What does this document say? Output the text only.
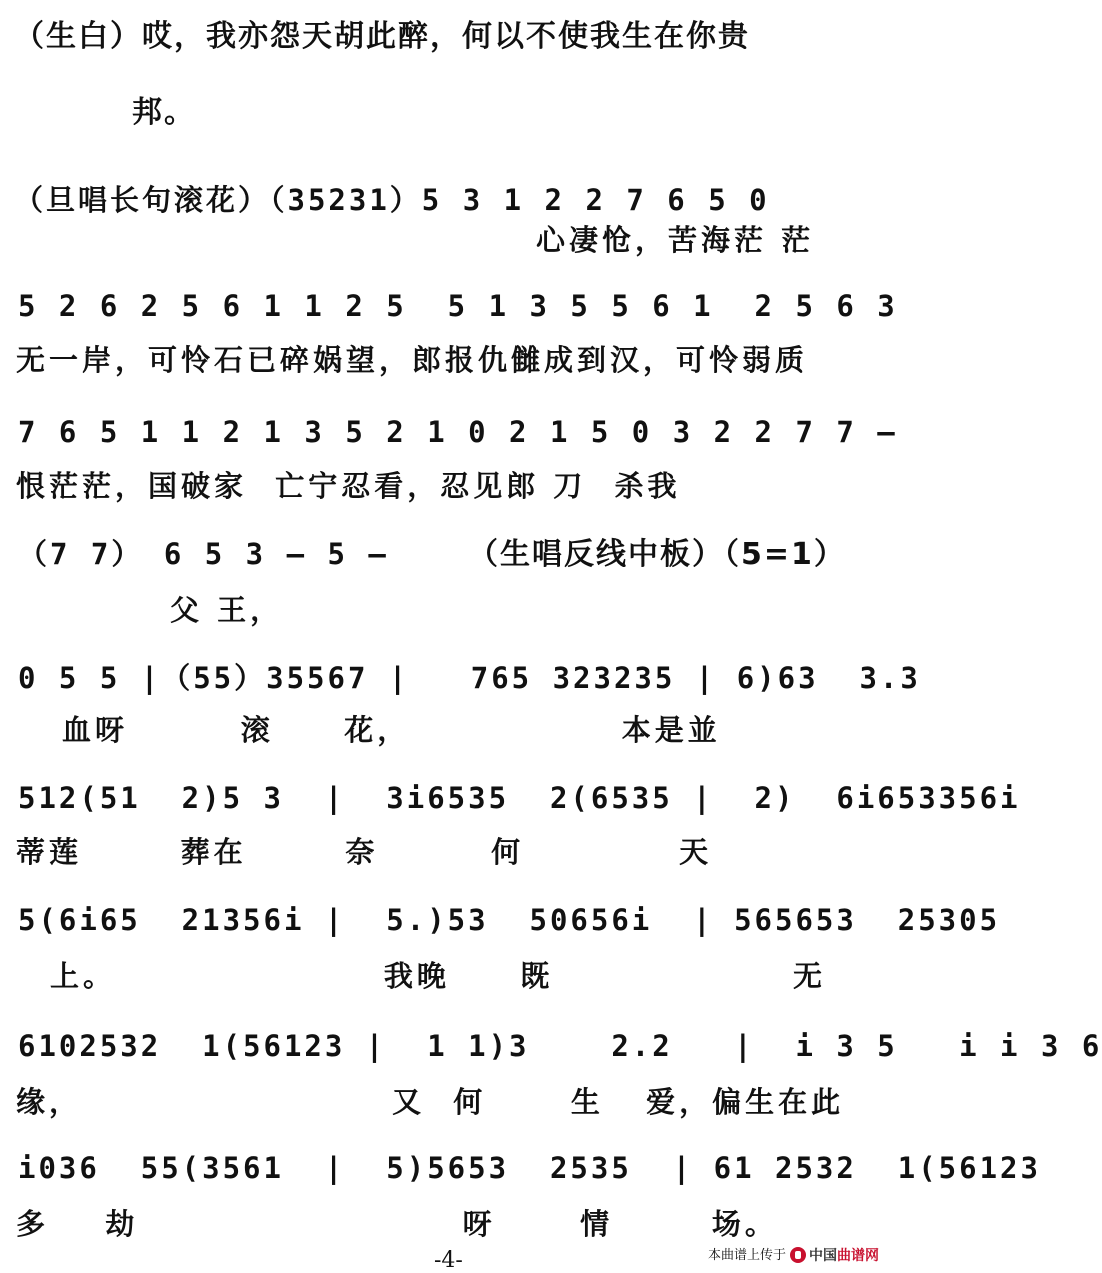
（生白）哎，我亦怨天胡此醉，何以不使我生在你贵
邦。
（旦唱长句滚花）（35231）5 3 1 2 2 7 6 5 0
心凄怆，苦海茫 茫
5 2 6 2 5 6 1 1 2 5  5 1 3 5 5 6 1  2 5 6 3
无一岸，可怜石已碎娲望，郎报仇雠成到汉，可怜弱质
7 6 5 1 1 2 1 3 5 2 1 0 2 1 5 0 3 2 2 7 7 —
恨茫茫，国破家  亡宁忍看，忍见郎 刀  杀我
（7 7） 6 5 3 — 5 —	（生唱反线中板）（5=1）
父 王，
0 5 5 |（55）35567 |   765 323235 | 6)63  3.3
血呀        滚     花，               本是並
512(51  2)5 3  |  3i6535  2(6535 |  2)  6i653356i
蒂莲       葬在       奈        何           天
5(6i65  21356i |  5.)53  50656i  | 565653  25305
上。                   我晚     既                 无
6102532  1(56123 |  1 1)3    2.2   |  i 3 5   i i 3 6
缘，                      又  何      生   爱，偏生在此
i036  55(3561  |  5)5653  2535  | 61 2532  1(56123
多    劫                       呀      情       场。
-4-	本曲谱上传于 中国曲谱网
